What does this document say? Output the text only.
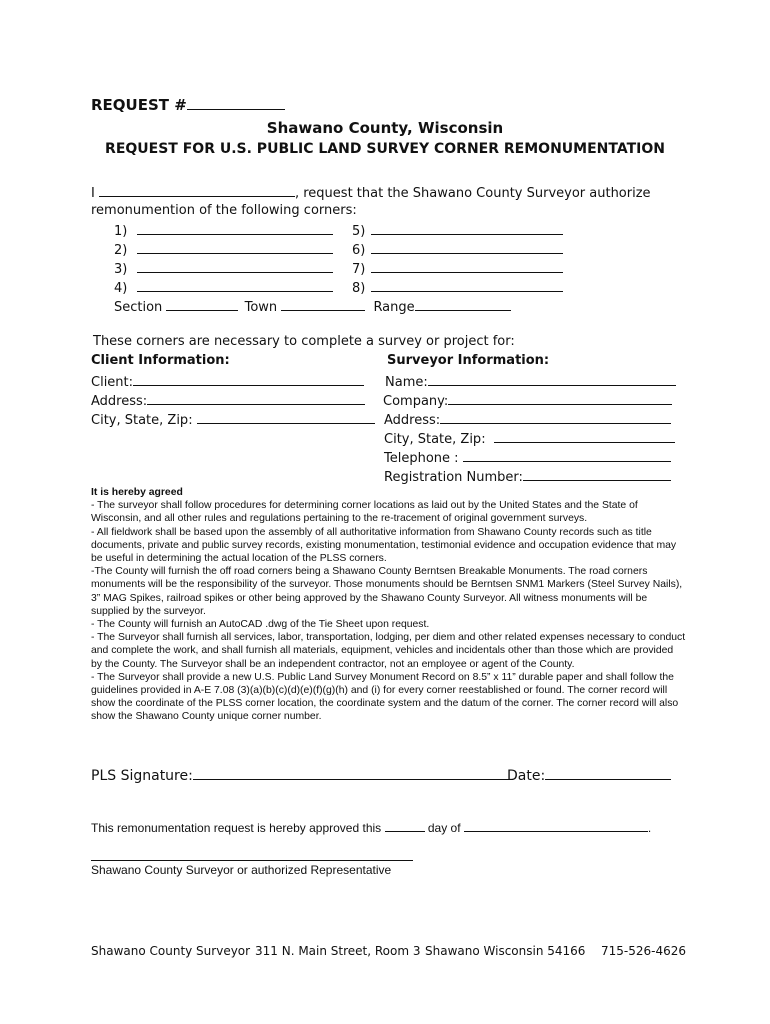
REQUEST #
Shawano County, Wisconsin
REQUEST FOR U.S. PUBLIC LAND SURVEY CORNER REMONUMENTATION
I	, request that the Shawano County Surveyor authorize
remonumention of the following corners:
1)
2)
3)
4)
5)
6)
7)
8)
Section	Town	Range
These corners are necessary to complete a survey or project for:
Client Information:
Client:
Address:
City, State, Zip:
Surveyor Information:
Name:
Company:
Address:
City, State, Zip:
Telephone :
Registration Number:

It is hereby agreed

- The surveyor shall follow procedures for determining corner locations as laid out by the United States and the State of Wisconsin, and all other rules and regulations pertaining to the re-tracement of original government surveys.

- All fieldwork shall be based upon the assembly of all authoritative information from Shawano County records such as title documents, private and public survey records, existing monumentation, testimonial evidence and occupation evidence that may be useful in determining the actual location of the PLSS corners.

-The County will furnish the off road corners being a Shawano County Berntsen Breakable Monuments. The road corners monuments will be the responsibility of the surveyor. Those monuments should be Berntsen SNM1 Markers (Steel Survey Nails), 3” MAG Spikes, railroad spikes or other being approved by the Shawano County Surveyor. All witness monuments will be supplied by the surveyor.

- The County will furnish an AutoCAD .dwg of the Tie Sheet upon request.

- The Surveyor shall furnish all services, labor, transportation, lodging, per diem and other related expenses necessary to conduct and complete the work, and shall furnish all materials, equipment, vehicles and incidentals other than those which are provided by the County. The Surveyor shall be an independent contractor, not an employee or agent of the County.

- The Surveyor shall provide a new U.S. Public Land Survey Monument Record on 8.5” x 11” durable paper and shall follow the guidelines provided in A-E 7.08 (3)(a)(b)(c)(d)(e)(f)(g)(h) and (i) for every corner reestablished or found. The corner record will show the coordinate of the PLSS corner location, the coordinate system and the datum of the corner. The corner record will also show the Shawano County unique corner number.

PLS Signature:	Date:
This remonumentation request is hereby approved this	day of	.
Shawano County Surveyor or authorized Representative
Shawano County Surveyor 311 N. Main Street, Room 3 Shawano Wisconsin 54166 715-526-4626
